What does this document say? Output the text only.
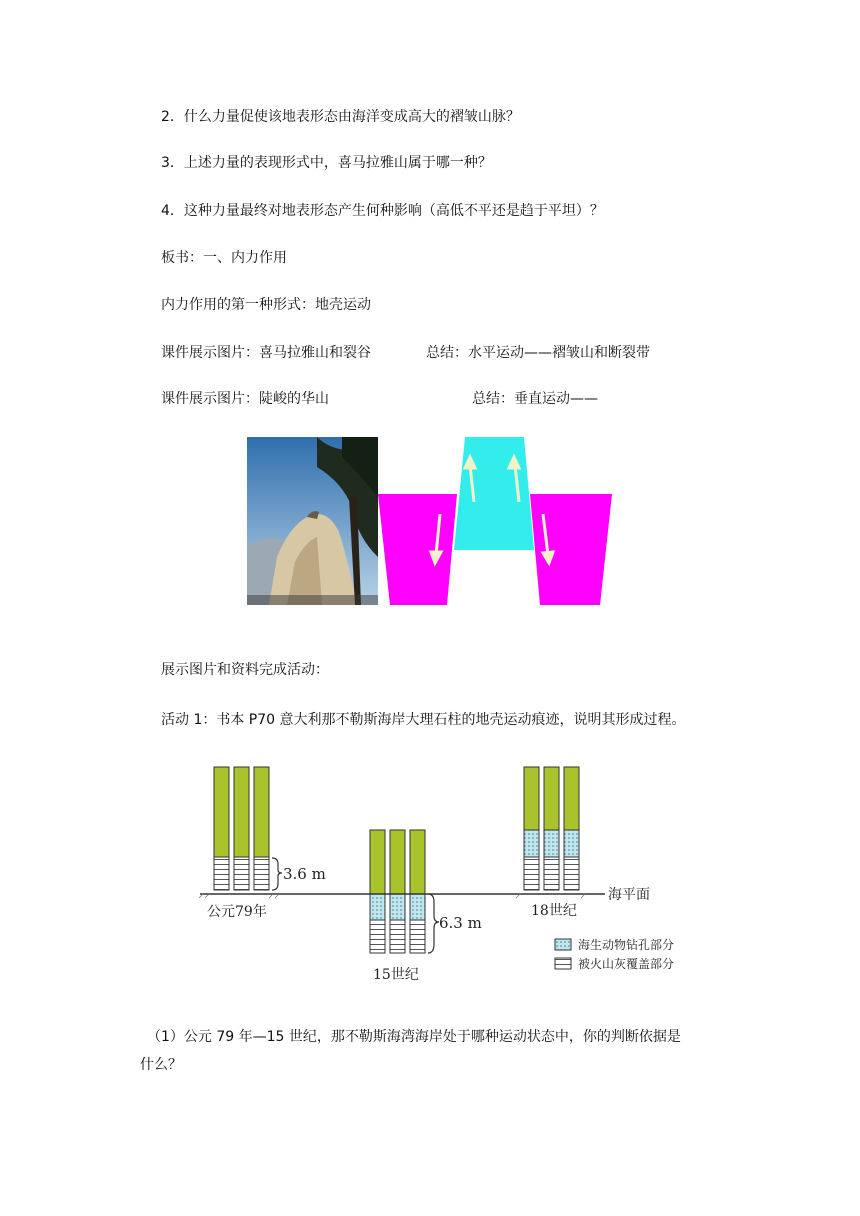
2．什么力量促使该地表形态由海洋变成高大的褶皱山脉？
3．上述力量的表现形式中，喜马拉雅山属于哪一种？
4．这种力量最终对地表形态产生何种影响（高低不平还是趋于平坦）？
板书：一、内力作用
内力作用的第一种形式：地壳运动
课件展示图片：喜马拉雅山和裂谷	总结：水平运动——褶皱山和断裂带
课件展示图片：陡峻的华山	总结：垂直运动——
展示图片和资料完成活动：
活动 1：书本 P70 意大利那不勒斯海岸大理石柱的地壳运动痕迹，说明其形成过程。
3.6 m
6.3 m
海平面
公元79年
15世纪
18世纪
海生动物钻孔部分
被火山灰覆盖部分
（1）公元 79 年—15 世纪，那不勒斯海湾海岸处于哪种运动状态中，你的判断依据是
什么？
